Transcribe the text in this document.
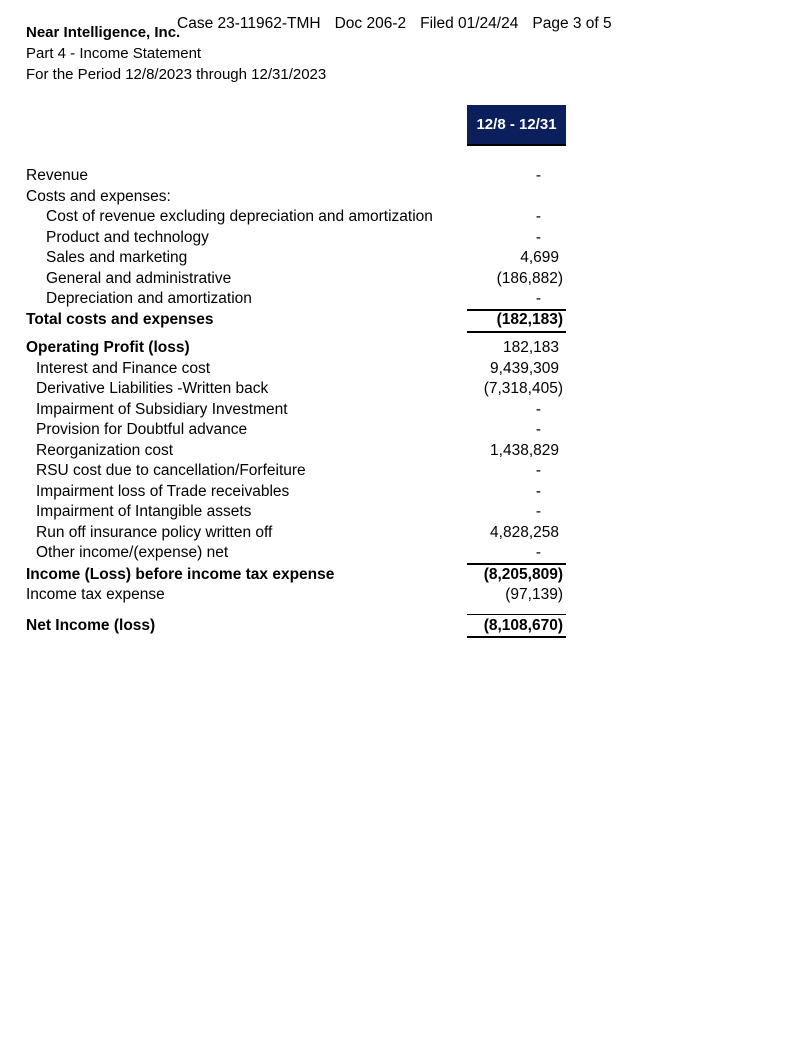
Case 23-11962-TMH Doc 206-2 Filed 01/24/24 Page 3 of 5
Near Intelligence, Inc.
Part 4 - Income Statement
For the Period 12/8/2023 through 12/31/2023
12/8 - 12/31
Revenue	-
Costs and expenses:
Cost of revenue excluding depreciation and amortization	-
Product and technology	-
Sales and marketing	4,699
General and administrative	(186,882)
Depreciation and amortization	-
Total costs and expenses	(182,183)
Operating Profit (loss)	182,183
Interest and Finance cost	9,439,309
Derivative Liabilities -Written back	(7,318,405)
Impairment of Subsidiary Investment	-
Provision for Doubtful advance	-
Reorganization cost	1,438,829
RSU cost due to cancellation/Forfeiture	-
Impairment loss of Trade receivables	-
Impairment of Intangible assets	-
Run off insurance policy written off	4,828,258
Other income/(expense) net	-
Income (Loss) before income tax expense	(8,205,809)
Income tax expense	(97,139)
Net Income (loss)	(8,108,670)
